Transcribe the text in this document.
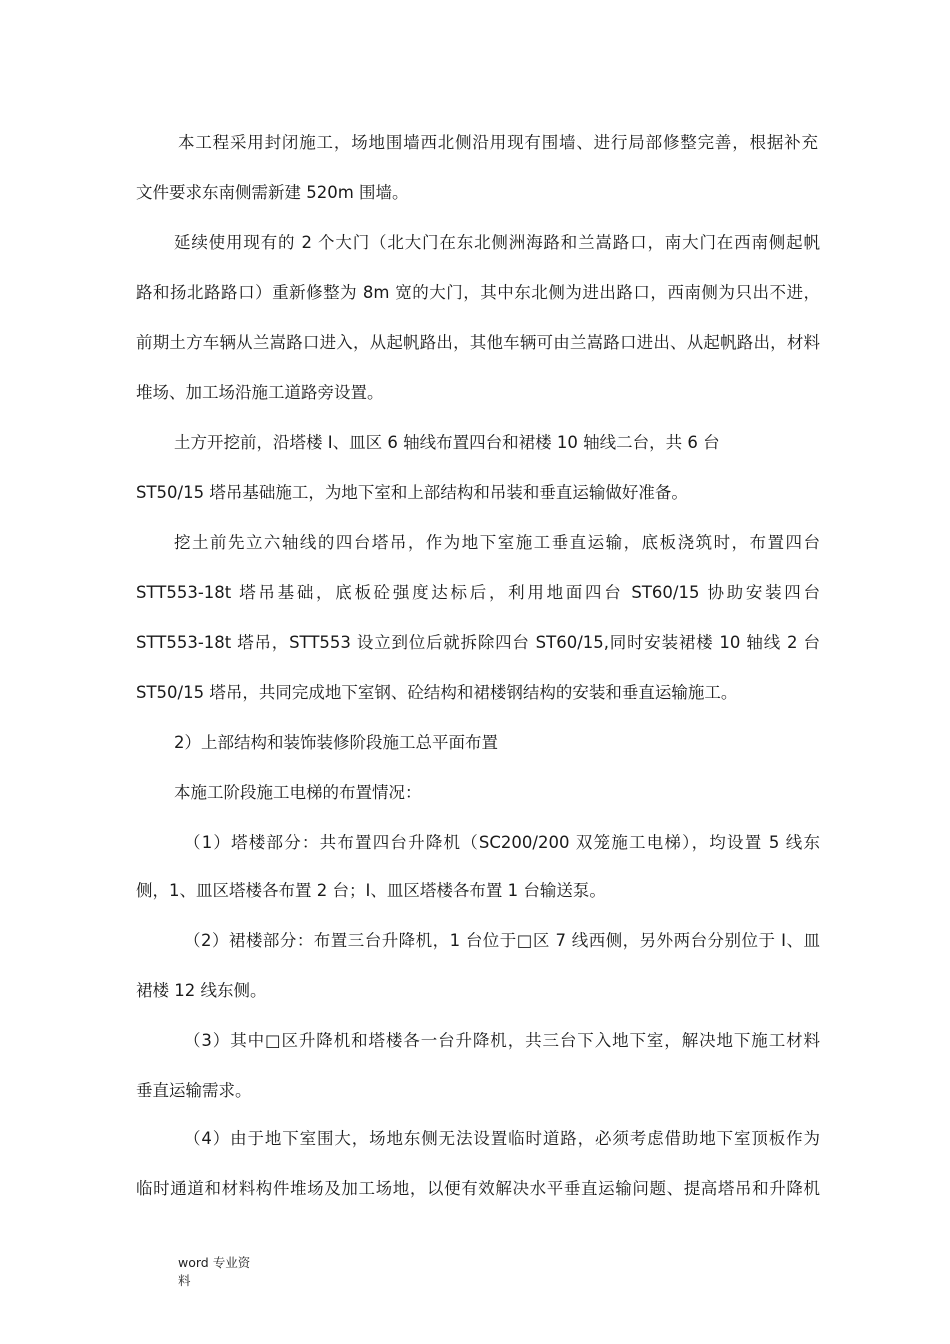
本工程采用封闭施工，场地围墙西北侧沿用现有围墙、进行局部修整完善，根据补充
文件要求东南侧需新建 520m 围墙。
延续使用现有的 2 个大门（北大门在东北侧洲海路和兰嵩路口，南大门在西南侧起帆
路和扬北路路口）重新修整为 8m 宽的大门，其中东北侧为进出路口，西南侧为只出不进，
前期土方车辆从兰嵩路口进入，从起帆路出，其他车辆可由兰嵩路口进出、从起帆路出，材料
堆场、加工场沿施工道路旁设置。
土方开挖前，沿塔楼 I、皿区 6 轴线布置四台和裙楼 10 轴线二台，共 6 台
ST50/15 塔吊基础施工，为地下室和上部结构和吊装和垂直运输做好准备。
挖土前先立六轴线的四台塔吊，作为地下室施工垂直运输，底板浇筑时，布置四台
STT553-18t 塔吊基础，底板砼强度达标后，利用地面四台 ST60/15 协助安装四台
STT553-18t 塔吊，STT553 设立到位后就拆除四台 ST60/15,同时安装裙楼 10 轴线 2 台
ST50/15 塔吊，共同完成地下室钢、砼结构和裙楼钢结构的安装和垂直运输施工。
2）上部结构和装饰装修阶段施工总平面布置
本施工阶段施工电梯的布置情况：
（1）塔楼部分：共布置四台升降机（SC200/200 双笼施工电梯），均设置 5 线东
侧，1、皿区塔楼各布置 2 台；I、皿区塔楼各布置 1 台输送泵。
（2）裙楼部分：布置三台升降机，1 台位于□区 7 线西侧，另外两台分别位于 I、皿
裙楼 12 线东侧。
（3）其中□区升降机和塔楼各一台升降机，共三台下入地下室，解决地下施工材料
垂直运输需求。
（4）由于地下室围大，场地东侧无法设置临时道路，必须考虑借助地下室顶板作为
临时通道和材料构件堆场及加工场地，以便有效解决水平垂直运输问题、提高塔吊和升降机
word 专业资
料
